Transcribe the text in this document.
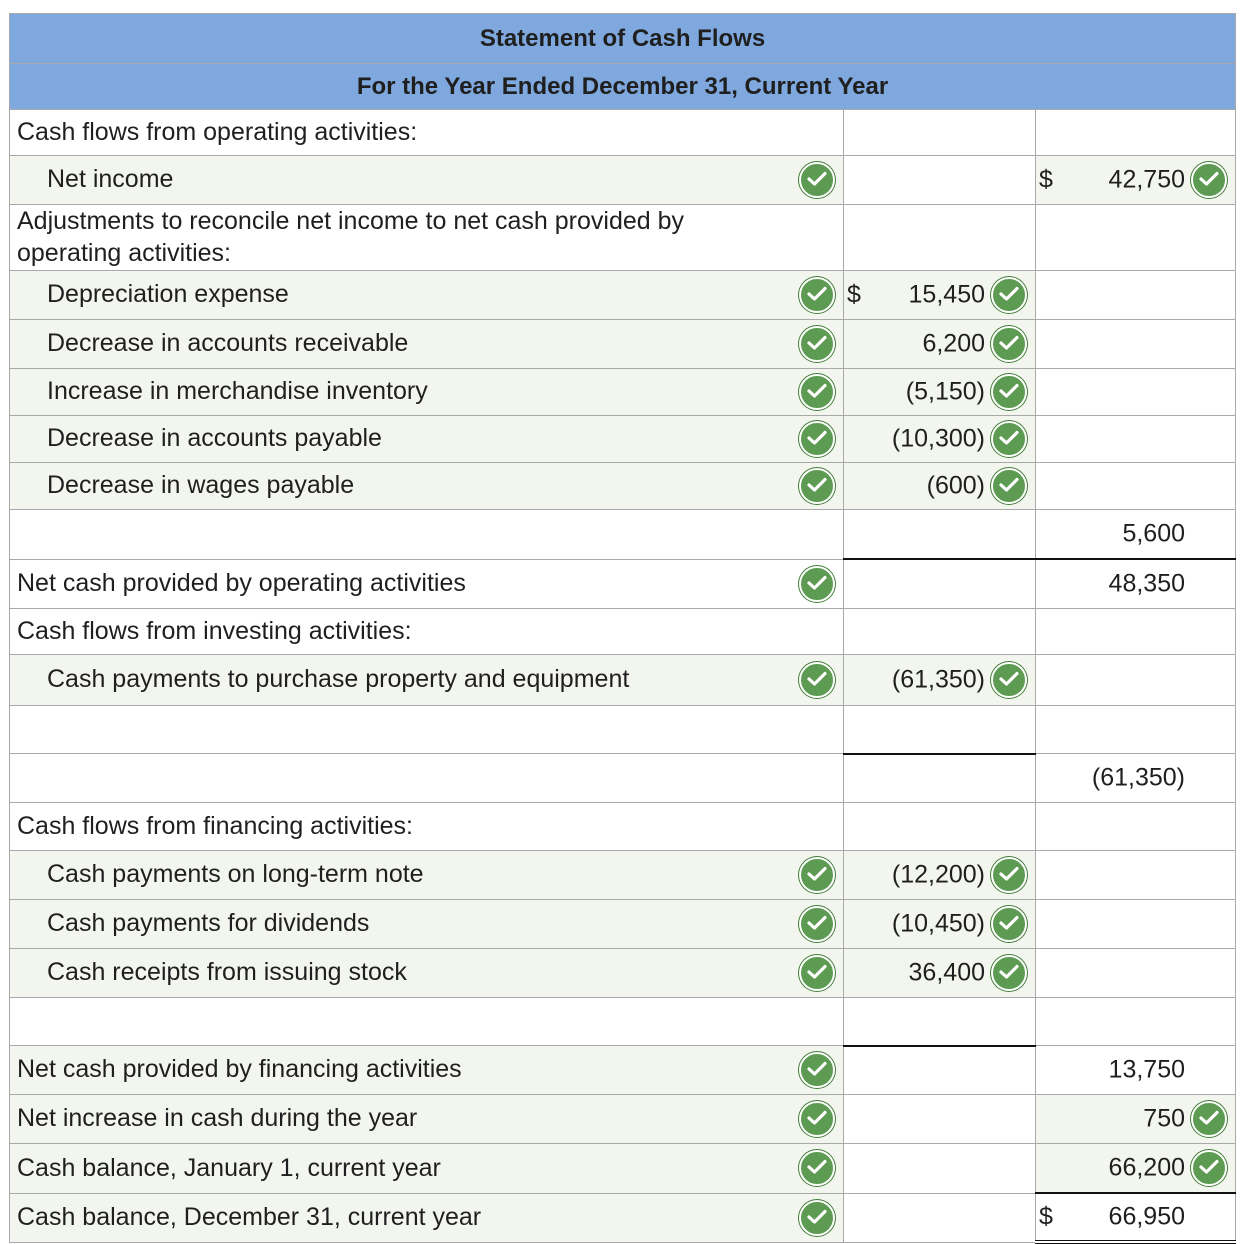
Statement of Cash Flows		
For the Year Ended December 31, Current Year		
Cash flows from operating activities:		
Net income		$ 42,750

Adjustments to reconcile net income to net cash provided by operating activities:		
Depreciation expense	$ 15,450	

Decrease in accounts receivable	6,200	

Increase in merchandise inventory	(5,150)	

Decrease in accounts payable	(10,300)	

Decrease in wages payable	(600)	

		5,600

Net cash provided by operating activities		48,350

Cash flows from investing activities:		
Cash payments to purchase property and equipment	(61,350)	

		(61,350)

Cash flows from financing activities:		
Cash payments on long-term note	(12,200)	

Cash payments for dividends	(10,450)	

Cash receipts from issuing stock	36,400	

Net cash provided by financing activities		13,750

Net increase in cash during the year		750

Cash balance, January 1, current year		66,200

Cash balance, December 31, current year		$ 66,950
